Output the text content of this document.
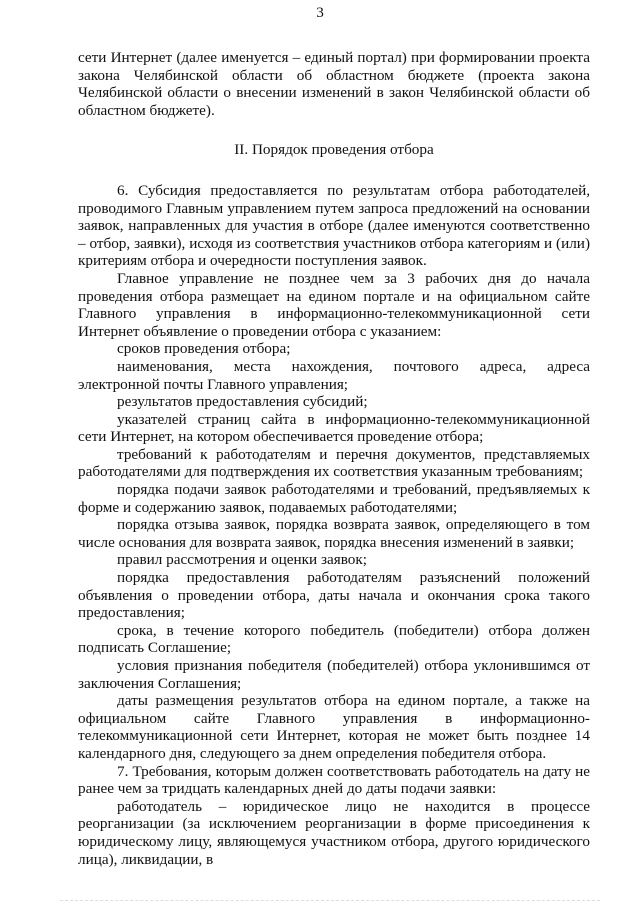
3

сети Интернет (далее именуется – единый портал) при формировании проекта закона Челябинской области об областном бюджете (проекта закона Челябинской области о внесении изменений в закон Челябинской области об областном бюджете).

II. Порядок проведения отбора

6. Субсидия предоставляется по результатам отбора работодателей, проводимого Главным управлением путем запроса предложений на основании заявок, направленных для участия в отборе (далее именуются соответственно – отбор, заявки), исходя из соответствия участников отбора категориям и (или) критериям отбора и очередности поступления заявок.

Главное управление не позднее чем за 3 рабочих дня до начала проведения отбора размещает на едином портале и на официальном сайте Главного управления в информационно-телекоммуникационной сети Интернет объявление о проведении отбора с указанием:

сроков проведения отбора;

наименования, места нахождения, почтового адреса, адреса электронной почты Главного управления;

результатов предоставления субсидий;

указателей страниц сайта в информационно-телекоммуникационной сети Интернет, на котором обеспечивается проведение отбора;

требований к работодателям и перечня документов, представляемых работодателями для подтверждения их соответствия указанным требованиям;

порядка подачи заявок работодателями и требований, предъявляемых к форме и содержанию заявок, подаваемых работодателями;

порядка отзыва заявок, порядка возврата заявок, определяющего в том числе основания для возврата заявок, порядка внесения изменений в заявки;

правил рассмотрения и оценки заявок;

порядка предоставления работодателям разъяснений положений объявления о проведении отбора, даты начала и окончания срока такого предоставления;

срока, в течение которого победитель (победители) отбора должен подписать Соглашение;

условия признания победителя (победителей) отбора уклонившимся от заключения Соглашения;

даты размещения результатов отбора на едином портале, а также на официальном сайте Главного управления в информационно-телекоммуникационной сети Интернет, которая не может быть позднее 14 календарного дня, следующего за днем определения победителя отбора.

7. Требования, которым должен соответствовать работодатель на дату не ранее чем за тридцать календарных дней до даты подачи заявки:

работодатель – юридическое лицо не находится в процессе реорганизации (за исключением реорганизации в форме присоединения к юридическому лицу, являющемуся участником отбора, другого юридического лица), ликвидации, в
